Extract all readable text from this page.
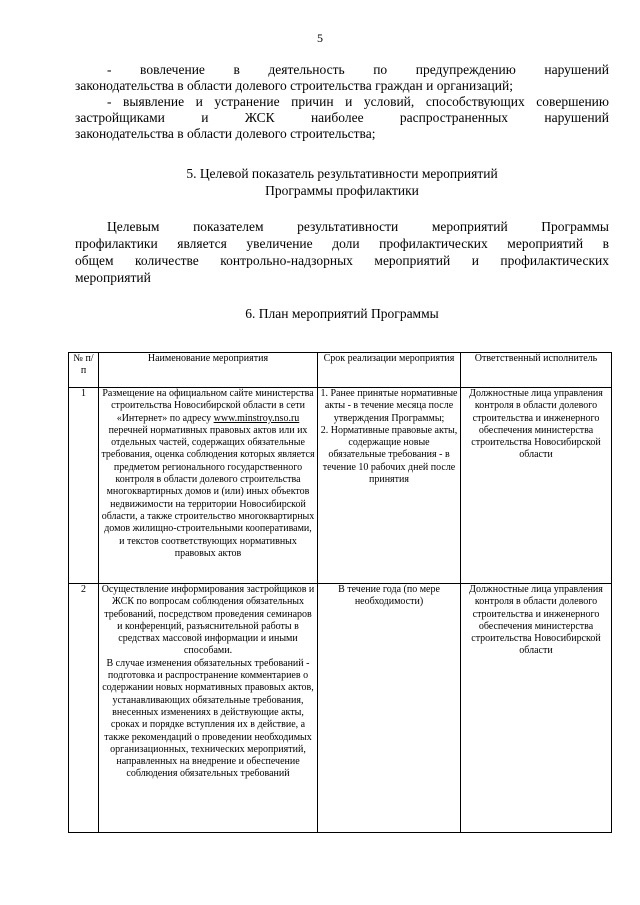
5
- вовлечение в деятельность по предупреждению нарушений
законодательства в области долевого строительства граждан и организаций;
- выявление и устранение причин и условий, способствующих совершению
застройщиками и ЖСК наиболее распространенных нарушений
законодательства в области долевого строительства;
5. Целевой показатель результативности мероприятий
Программы профилактики
Целевым показателем результативности мероприятий Программы
профилактики является увеличение доли профилактических мероприятий в
общем количестве контрольно-надзорных мероприятий и профилактических
мероприятий
6. План мероприятий Программы
№ п/п	Наименование мероприятия	Срок реализации мероприятия	Ответственный исполнитель
1	Размещение на официальном сайте министерства строительства Новосибирской области в сети «Интернет» по адресу www.minstroy.nso.ru перечней нормативных правовых актов или их отдельных частей, содержащих обязательные требования, оценка соблюдения которых является предметом регионального государственного контроля в области долевого строительства многоквартирных домов и (или) иных объектов недвижимости на территории Новосибирской области, а также строительство многоквартирных домов жилищно-строительными кооперативами, и текстов соответствующих нормативных правовых актов	1. Ранее принятые нормативные акты - в течение месяца после утверждения Программы;
2. Нормативные правовые акты, содержащие новые обязательные требования - в течение 10 рабочих дней после принятия	Должностные лица управления контроля в области долевого строительства и инженерного обеспечения министерства строительства Новосибирской области
2	Осуществление информирования застройщиков и ЖСК по вопросам соблюдения обязательных требований, посредством проведения семинаров и конференций, разъяснительной работы в средствах массовой информации и иными способами.
В случае изменения обязательных требований - подготовка и распространение комментариев о содержании новых нормативных правовых актов, устанавливающих обязательные требования, внесенных изменениях в действующие акты, сроках и порядке вступления их в действие, а также рекомендаций о проведении необходимых организационных, технических мероприятий, направленных на внедрение и обеспечение соблюдения обязательных требований	В течение года (по мере необходимости)	Должностные лица управления контроля в области долевого строительства и инженерного обеспечения министерства строительства Новосибирской области
